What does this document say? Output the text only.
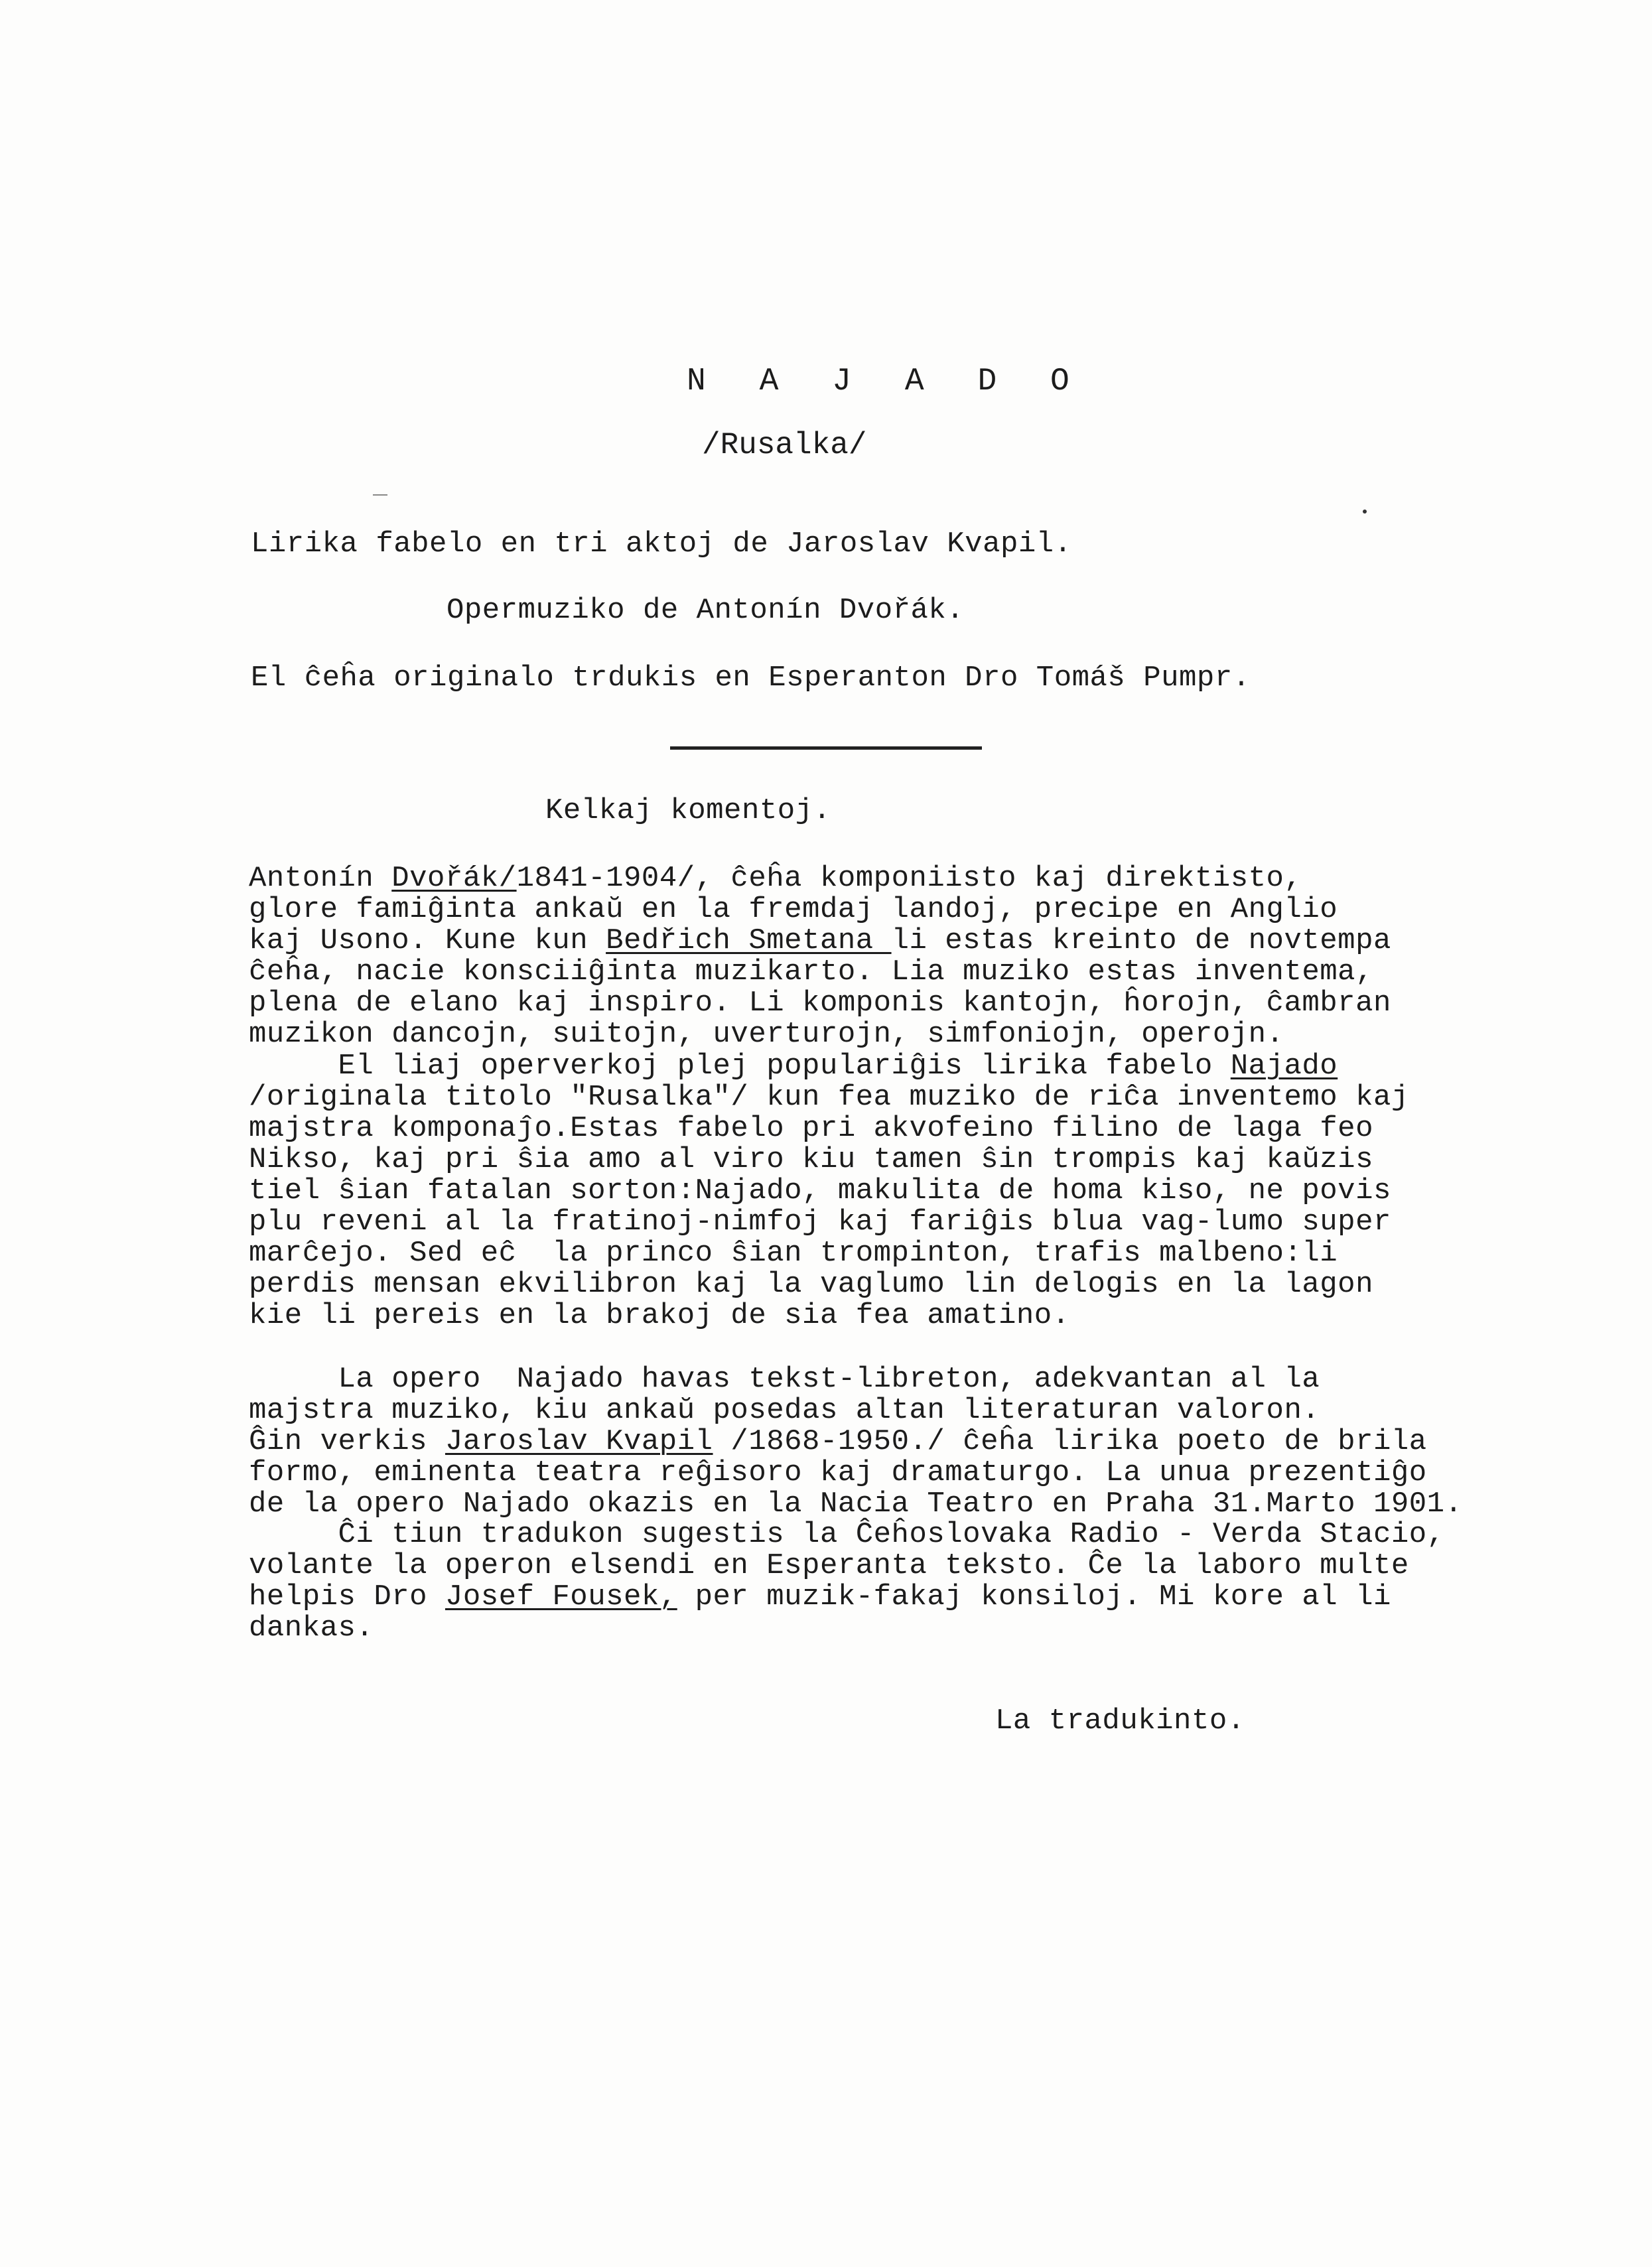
N A J A D O
/Rusalka/
Lirika fabelo en tri aktoj de Jaroslav Kvapil.
Opermuziko de Antonín Dvořák.
El ĉeĥa originalo trdukis en Esperanton Dro Tomáš Pumpr.
Kelkaj komentoj.
Antonín Dvořák/1841-1904/, ĉeĥa komponiisto kaj direktisto,
glore famiĝinta ankaŭ en la fremdaj landoj, precipe en Anglio
kaj Usono. Kune kun Bedřich Smetana li estas kreinto de novtempa
ĉeĥa, nacie konsciiĝinta muzikarto. Lia muziko estas inventema,
plena de elano kaj inspiro. Li komponis kantojn, ĥorojn, ĉambran
muzikon dancojn, suitojn, uverturojn, simfoniojn, operojn.
El liaj operverkoj plej populariĝis lirika fabelo Najado
/originala titolo "Rusalka"/ kun fea muziko de riĉa inventemo kaj
majstra komponaĵo.Estas fabelo pri akvofeino filino de laga feo
Nikso, kaj pri ŝia amo al viro kiu tamen ŝin trompis kaj kaŭzis
tiel ŝian fatalan sorton:Najado, makulita de homa kiso, ne povis
plu reveni al la fratinoj-nimfoj kaj fariĝis blua vag-lumo super
marĉejo. Sed eĉ  la princo ŝian trompinton, trafis malbeno:li
perdis mensan ekvilibron kaj la vaglumo lin delogis en la lagon
kie li pereis en la brakoj de sia fea amatino.
La opero  Najado havas tekst-libreton, adekvantan al la
majstra muziko, kiu ankaŭ posedas altan literaturan valoron.
Ĝin verkis Jaroslav Kvapil /1868-1950./ ĉeĥa lirika poeto de brila
formo, eminenta teatra reĝisoro kaj dramaturgo. La unua prezentiĝo
de la opero Najado okazis en la Nacia Teatro en Praha 31.Marto 1901.
Ĉi tiun tradukon sugestis la Ĉeĥoslovaka Radio - Verda Stacio,
volante la operon elsendi en Esperanta teksto. Ĉe la laboro multe
helpis Dro Josef Fousek, per muzik-fakaj konsiloj. Mi kore al li
dankas.
La tradukinto.
